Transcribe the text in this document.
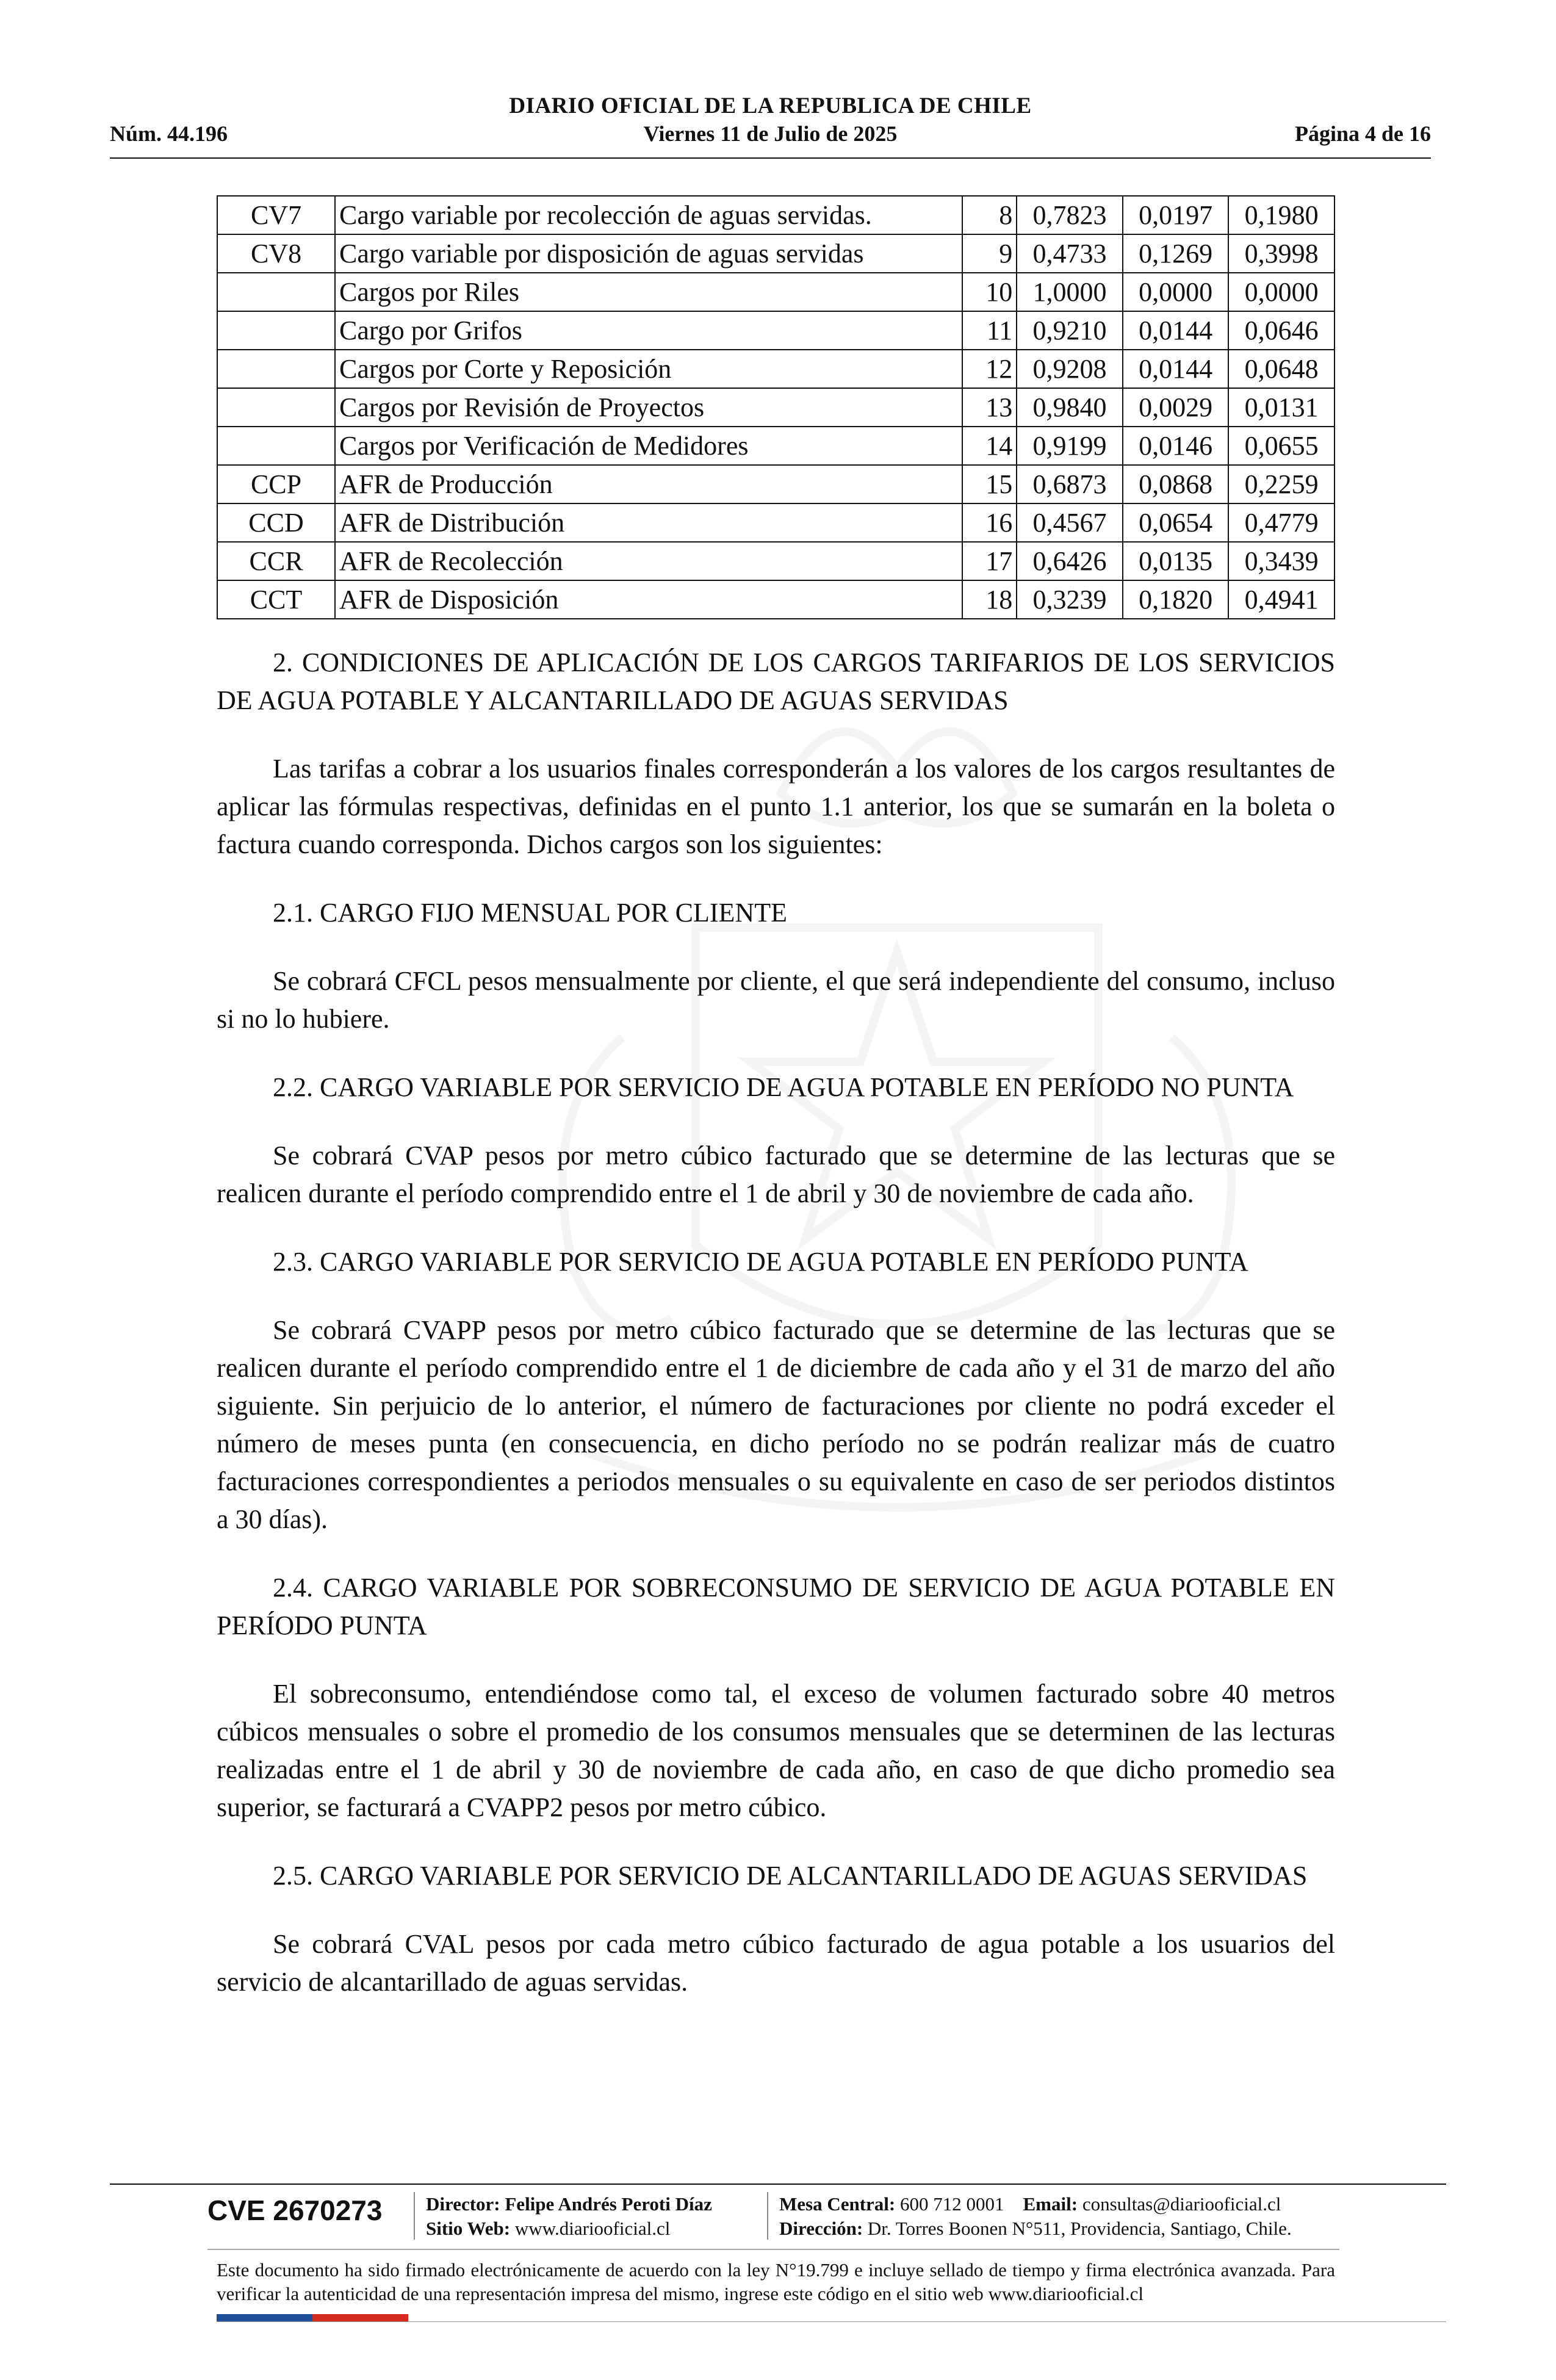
DIARIO OFICIAL DE LA REPUBLICA DE CHILE
Núm. 44.196	Viernes 11 de Julio de 2025	Página 4 de 16
CV7	Cargo variable por recolección de aguas servidas.	8	0,7823	0,0197	0,1980
CV8	Cargo variable por disposición de aguas servidas	9	0,4733	0,1269	0,3998
	Cargos por Riles	10	1,0000	0,0000	0,0000
	Cargo por Grifos	11	0,9210	0,0144	0,0646
	Cargos por Corte y Reposición	12	0,9208	0,0144	0,0648
	Cargos por Revisión de Proyectos	13	0,9840	0,0029	0,0131
	Cargos por Verificación de Medidores	14	0,9199	0,0146	0,0655
CCP	AFR de Producción	15	0,6873	0,0868	0,2259
CCD	AFR de Distribución	16	0,4567	0,0654	0,4779
CCR	AFR de Recolección	17	0,6426	0,0135	0,3439
CCT	AFR de Disposición	18	0,3239	0,1820	0,4941
2. CONDICIONES DE APLICACIÓN DE LOS CARGOS TARIFARIOS DE LOS SERVICIOS DE AGUA POTABLE Y ALCANTARILLADO DE AGUAS SERVIDAS
Las tarifas a cobrar a los usuarios finales corresponderán a los valores de los cargos resultantes de aplicar las fórmulas respectivas, definidas en el punto 1.1 anterior, los que se sumarán en la boleta o factura cuando corresponda. Dichos cargos son los siguientes:
2.1. CARGO FIJO MENSUAL POR CLIENTE
Se cobrará CFCL pesos mensualmente por cliente, el que será independiente del consumo, incluso si no lo hubiere.
2.2. CARGO VARIABLE POR SERVICIO DE AGUA POTABLE EN PERÍODO NO PUNTA
Se cobrará CVAP pesos por metro cúbico facturado que se determine de las lecturas que se realicen durante el período comprendido entre el 1 de abril y 30 de noviembre de cada año.
2.3. CARGO VARIABLE POR SERVICIO DE AGUA POTABLE EN PERÍODO PUNTA
Se cobrará CVAPP pesos por metro cúbico facturado que se determine de las lecturas que se realicen durante el período comprendido entre el 1 de diciembre de cada año y el 31 de marzo del año siguiente. Sin perjuicio de lo anterior, el número de facturaciones por cliente no podrá exceder el número de meses punta (en consecuencia, en dicho período no se podrán realizar más de cuatro facturaciones correspondientes a periodos mensuales o su equivalente en caso de ser periodos distintos a 30 días).
2.4. CARGO VARIABLE POR SOBRECONSUMO DE SERVICIO DE AGUA POTABLE EN PERÍODO PUNTA
El sobreconsumo, entendiéndose como tal, el exceso de volumen facturado sobre 40 metros cúbicos mensuales o sobre el promedio de los consumos mensuales que se determinen de las lecturas realizadas entre el 1 de abril y 30 de noviembre de cada año, en caso de que dicho promedio sea superior, se facturará a CVAPP2 pesos por metro cúbico.
2.5. CARGO VARIABLE POR SERVICIO DE ALCANTARILLADO DE AGUAS SERVIDAS
Se cobrará CVAL pesos por cada metro cúbico facturado de agua potable a los usuarios del servicio de alcantarillado de aguas servidas.
CVE 2670273 Director: Felipe Andrés Peroti Díaz
Sitio Web: www.diariooficial.cl
Mesa Central: 600 712 0001 Email: consultas@diariooficial.cl
Dirección: Dr. Torres Boonen N°511, Providencia, Santiago, Chile.
Este documento ha sido firmado electrónicamente de acuerdo con la ley N°19.799 e incluye sellado de tiempo y firma electrónica avanzada. Para verificar la autenticidad de una representación impresa del mismo, ingrese este código en el sitio web www.diariooficial.cl
